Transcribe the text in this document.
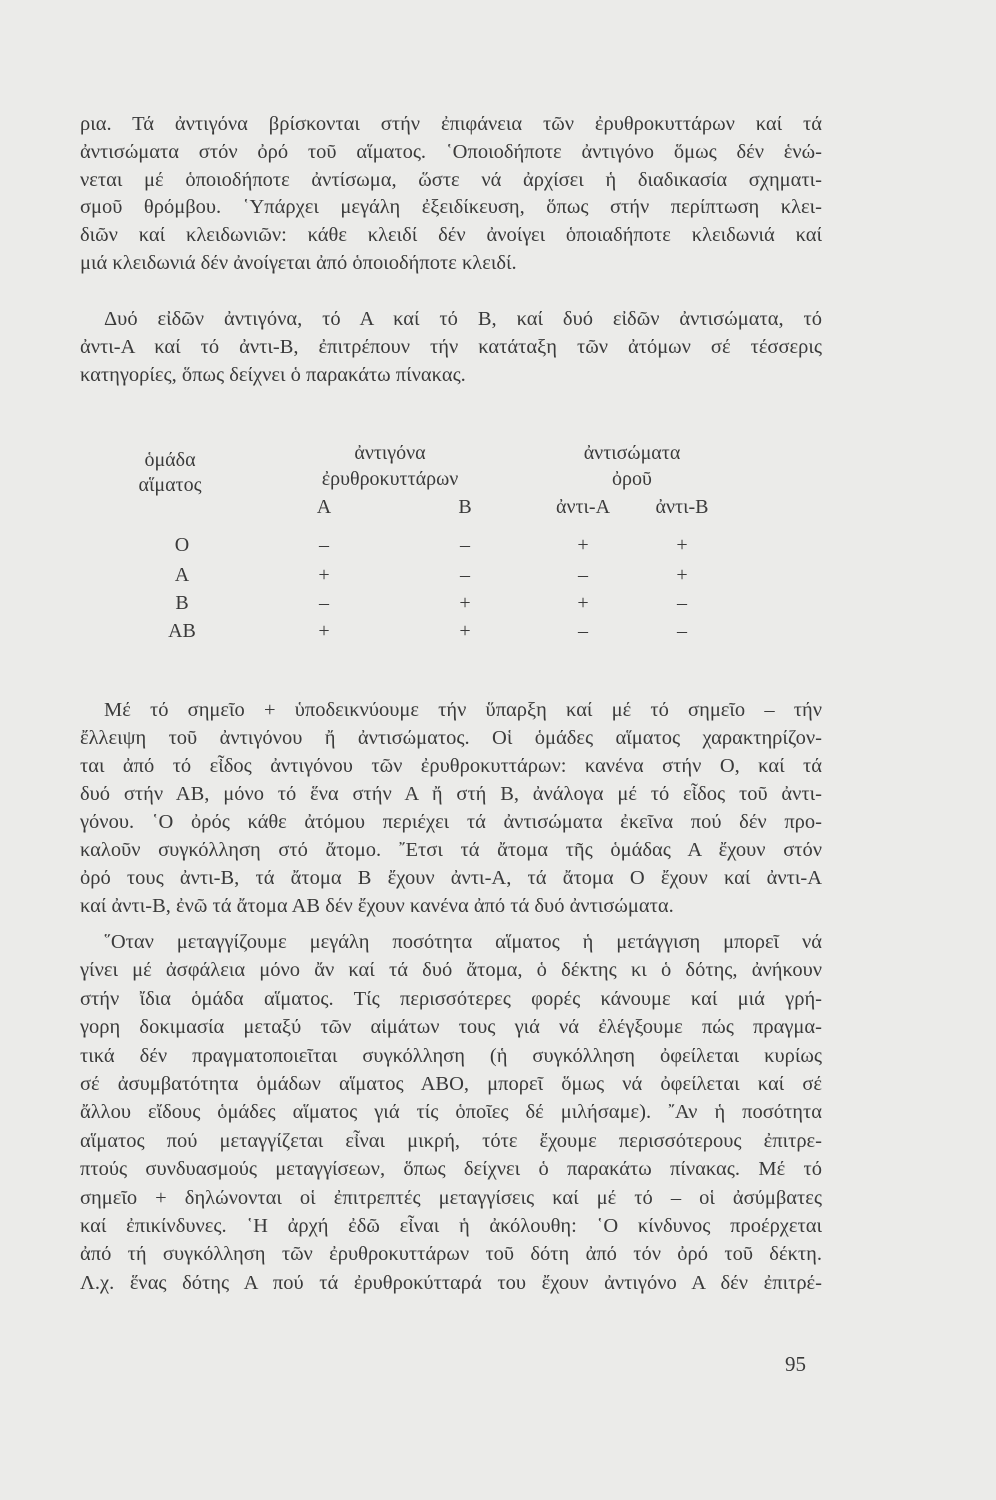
ρια. Τά ἀντιγόνα βρίσκονται στήν ἐπιφάνεια τῶν ἐρυθροκυττάρων καί τά
ἀντισώματα στόν ὀρό τοῦ αἵματος. ῾Οποιοδήποτε ἀντιγόνο ὅμως δέν ἑνώ-
νεται μέ ὁποιοδήποτε ἀντίσωμα, ὥστε νά ἀρχίσει ἡ διαδικασία σχηματι-
σμοῦ θρόμβου. ῾Υπάρχει μεγάλη ἐξειδίκευση, ὅπως στήν περίπτωση κλει-
διῶν καί κλειδωνιῶν: κάθε κλειδί δέν ἀνοίγει ὁποιαδήποτε κλειδωνιά καί
μιά κλειδωνιά δέν ἀνοίγεται ἀπό ὁποιοδήποτε κλειδί.
Δυό εἰδῶν ἀντιγόνα, τό Α καί τό Β, καί δυό εἰδῶν ἀντισώματα, τό
ἀντι-Α καί τό ἀντι-Β, ἐπιτρέπουν τήν κατάταξη τῶν ἀτόμων σέ τέσσερις
κατηγορίες, ὅπως δείχνει ὁ παρακάτω πίνακας.
ὁμάδα
αἵματος
ἀντιγόνα
ἐρυθροκυττάρων
ἀντισώματα
ὀροῦ
Α	Β	ἀντι-Α ἀντι-Β
Ο	–	–	+	+
Α	+	–	–	+
Β	–	+	+	–
ΑΒ	+	+	–	–
Μέ τό σημεῖο + ὑποδεικνύουμε τήν ὕπαρξη καί μέ τό σημεῖο – τήν
ἔλλειψη τοῦ ἀντιγόνου ἤ ἀντισώματος. Οἱ ὁμάδες αἵματος χαρακτηρίζον-
ται ἀπό τό εἶδος ἀντιγόνου τῶν ἐρυθροκυττάρων: κανένα στήν Ο, καί τά
δυό στήν ΑΒ, μόνο τό ἕνα στήν Α ἤ στή Β, ἀνάλογα μέ τό εἶδος τοῦ ἀντι-
γόνου. ῾Ο ὀρός κάθε ἀτόμου περιέχει τά ἀντισώματα ἐκεῖνα πού δέν προ-
καλοῦν συγκόλληση στό ἄτομο. ῎Ετσι τά ἄτομα τῆς ὁμάδας Α ἔχουν στόν
ὀρό τους ἀντι-Β, τά ἄτομα Β ἔχουν ἀντι-Α, τά ἄτομα Ο ἔχουν καί ἀντι-Α
καί ἀντι-Β, ἐνῶ τά ἄτομα ΑΒ δέν ἔχουν κανένα ἀπό τά δυό ἀντισώματα.
῞Οταν μεταγγίζουμε μεγάλη ποσότητα αἵματος ἡ μετάγγιση μπορεῖ νά
γίνει μέ ἀσφάλεια μόνο ἄν καί τά δυό ἄτομα, ὁ δέκτης κι ὁ δότης, ἀνήκουν
στήν ἴδια ὁμάδα αἵματος. Τίς περισσότερες φορές κάνουμε καί μιά γρή-
γορη δοκιμασία μεταξύ τῶν αἱμάτων τους γιά νά ἐλέγξουμε πώς πραγμα-
τικά δέν πραγματοποιεῖται συγκόλληση (ἡ συγκόλληση ὀφείλεται κυρίως
σέ ἀσυμβατότητα ὁμάδων αἵματος ΑΒΟ, μπορεῖ ὅμως νά ὀφείλεται καί σέ
ἄλλου εἴδους ὁμάδες αἵματος γιά τίς ὁποῖες δέ μιλήσαμε). ῎Αν ἡ ποσότητα
αἵματος πού μεταγγίζεται εἶναι μικρή, τότε ἔχουμε περισσότερους ἐπιτρε-
πτούς συνδυασμούς μεταγγίσεων, ὅπως δείχνει ὁ παρακάτω πίνακας. Μέ τό
σημεῖο + δηλώνονται οἱ ἐπιτρεπτές μεταγγίσεις καί μέ τό – οἱ ἀσύμβατες
καί ἐπικίνδυνες. ῾Η ἀρχή ἐδῶ εἶναι ἡ ἀκόλουθη: ῾Ο κίνδυνος προέρχεται
ἀπό τή συγκόλληση τῶν ἐρυθροκυττάρων τοῦ δότη ἀπό τόν ὀρό τοῦ δέκτη.
Λ.χ. ἕνας δότης Α πού τά ἐρυθροκύτταρά του ἔχουν ἀντιγόνο Α δέν ἐπιτρέ-
95
